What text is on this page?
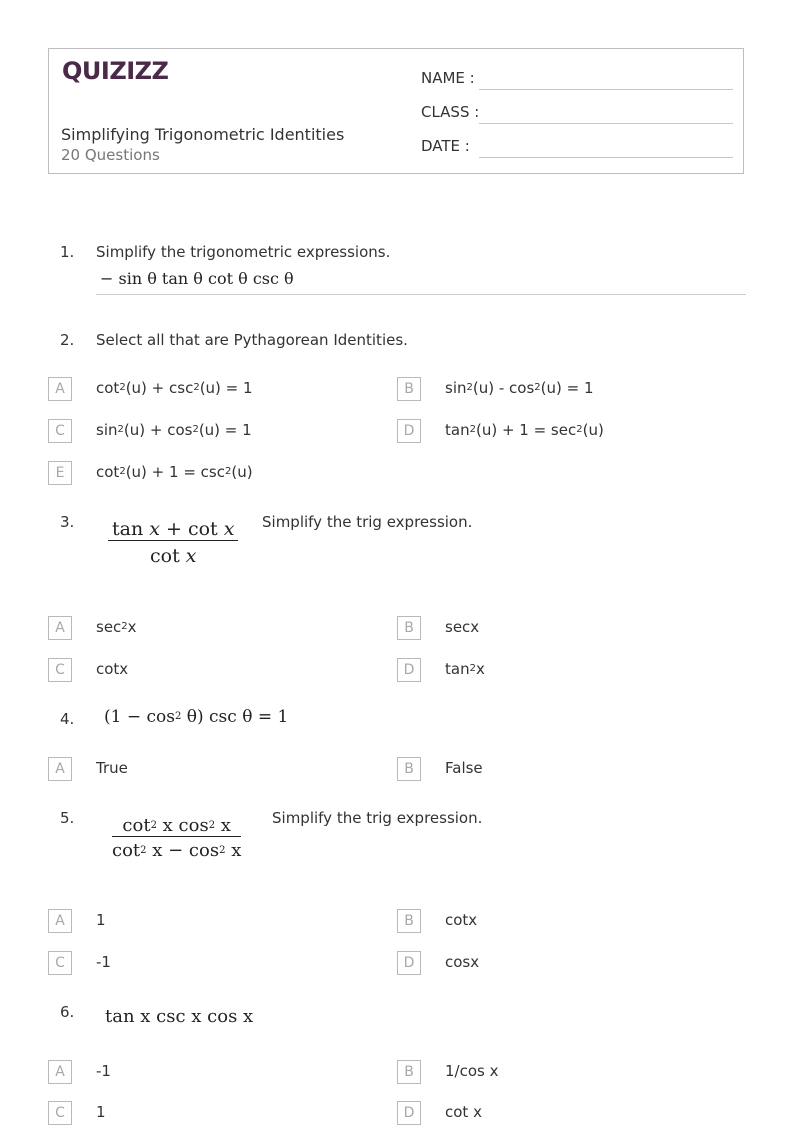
QUIZIZZ
Simplifying Trigonometric Identities
20 Questions
NAME :
CLASS :
DATE :
1. Simplify the trigonometric expressions.
− sin θ tan θ cot θ csc θ
2. Select all that are Pythagorean Identities.
A	$\cot^2(u) + \csc^2(u) = 1$	B	$\sin^2(u) - \cos^2(u) = 1$
C	$\sin^2(u) + \cos^2(u) = 1$	D	$\tan^2(u) + 1 = \sec^2(u)$
E	$\cot^2(u) + 1 = \csc^2(u)$
3. tan x + cot x
cot x
Simplify the trig expression.
A	$\sec^2x$	B	secx
C	cotx	D	$\tan^2x$
4. $(1 - \cos^2 \theta)$ csc θ = 1
A	True	B	False
5.	$\cot^2 x$ $\cos^2 x$
$\cot^2 x - \cos^2 x$
Simplify the trig expression.
A	1	B	cotx
C	-1	D	cosx
6. tan x csc x cos x
A	-1	B	1/cos x
C	1	D	cot x
